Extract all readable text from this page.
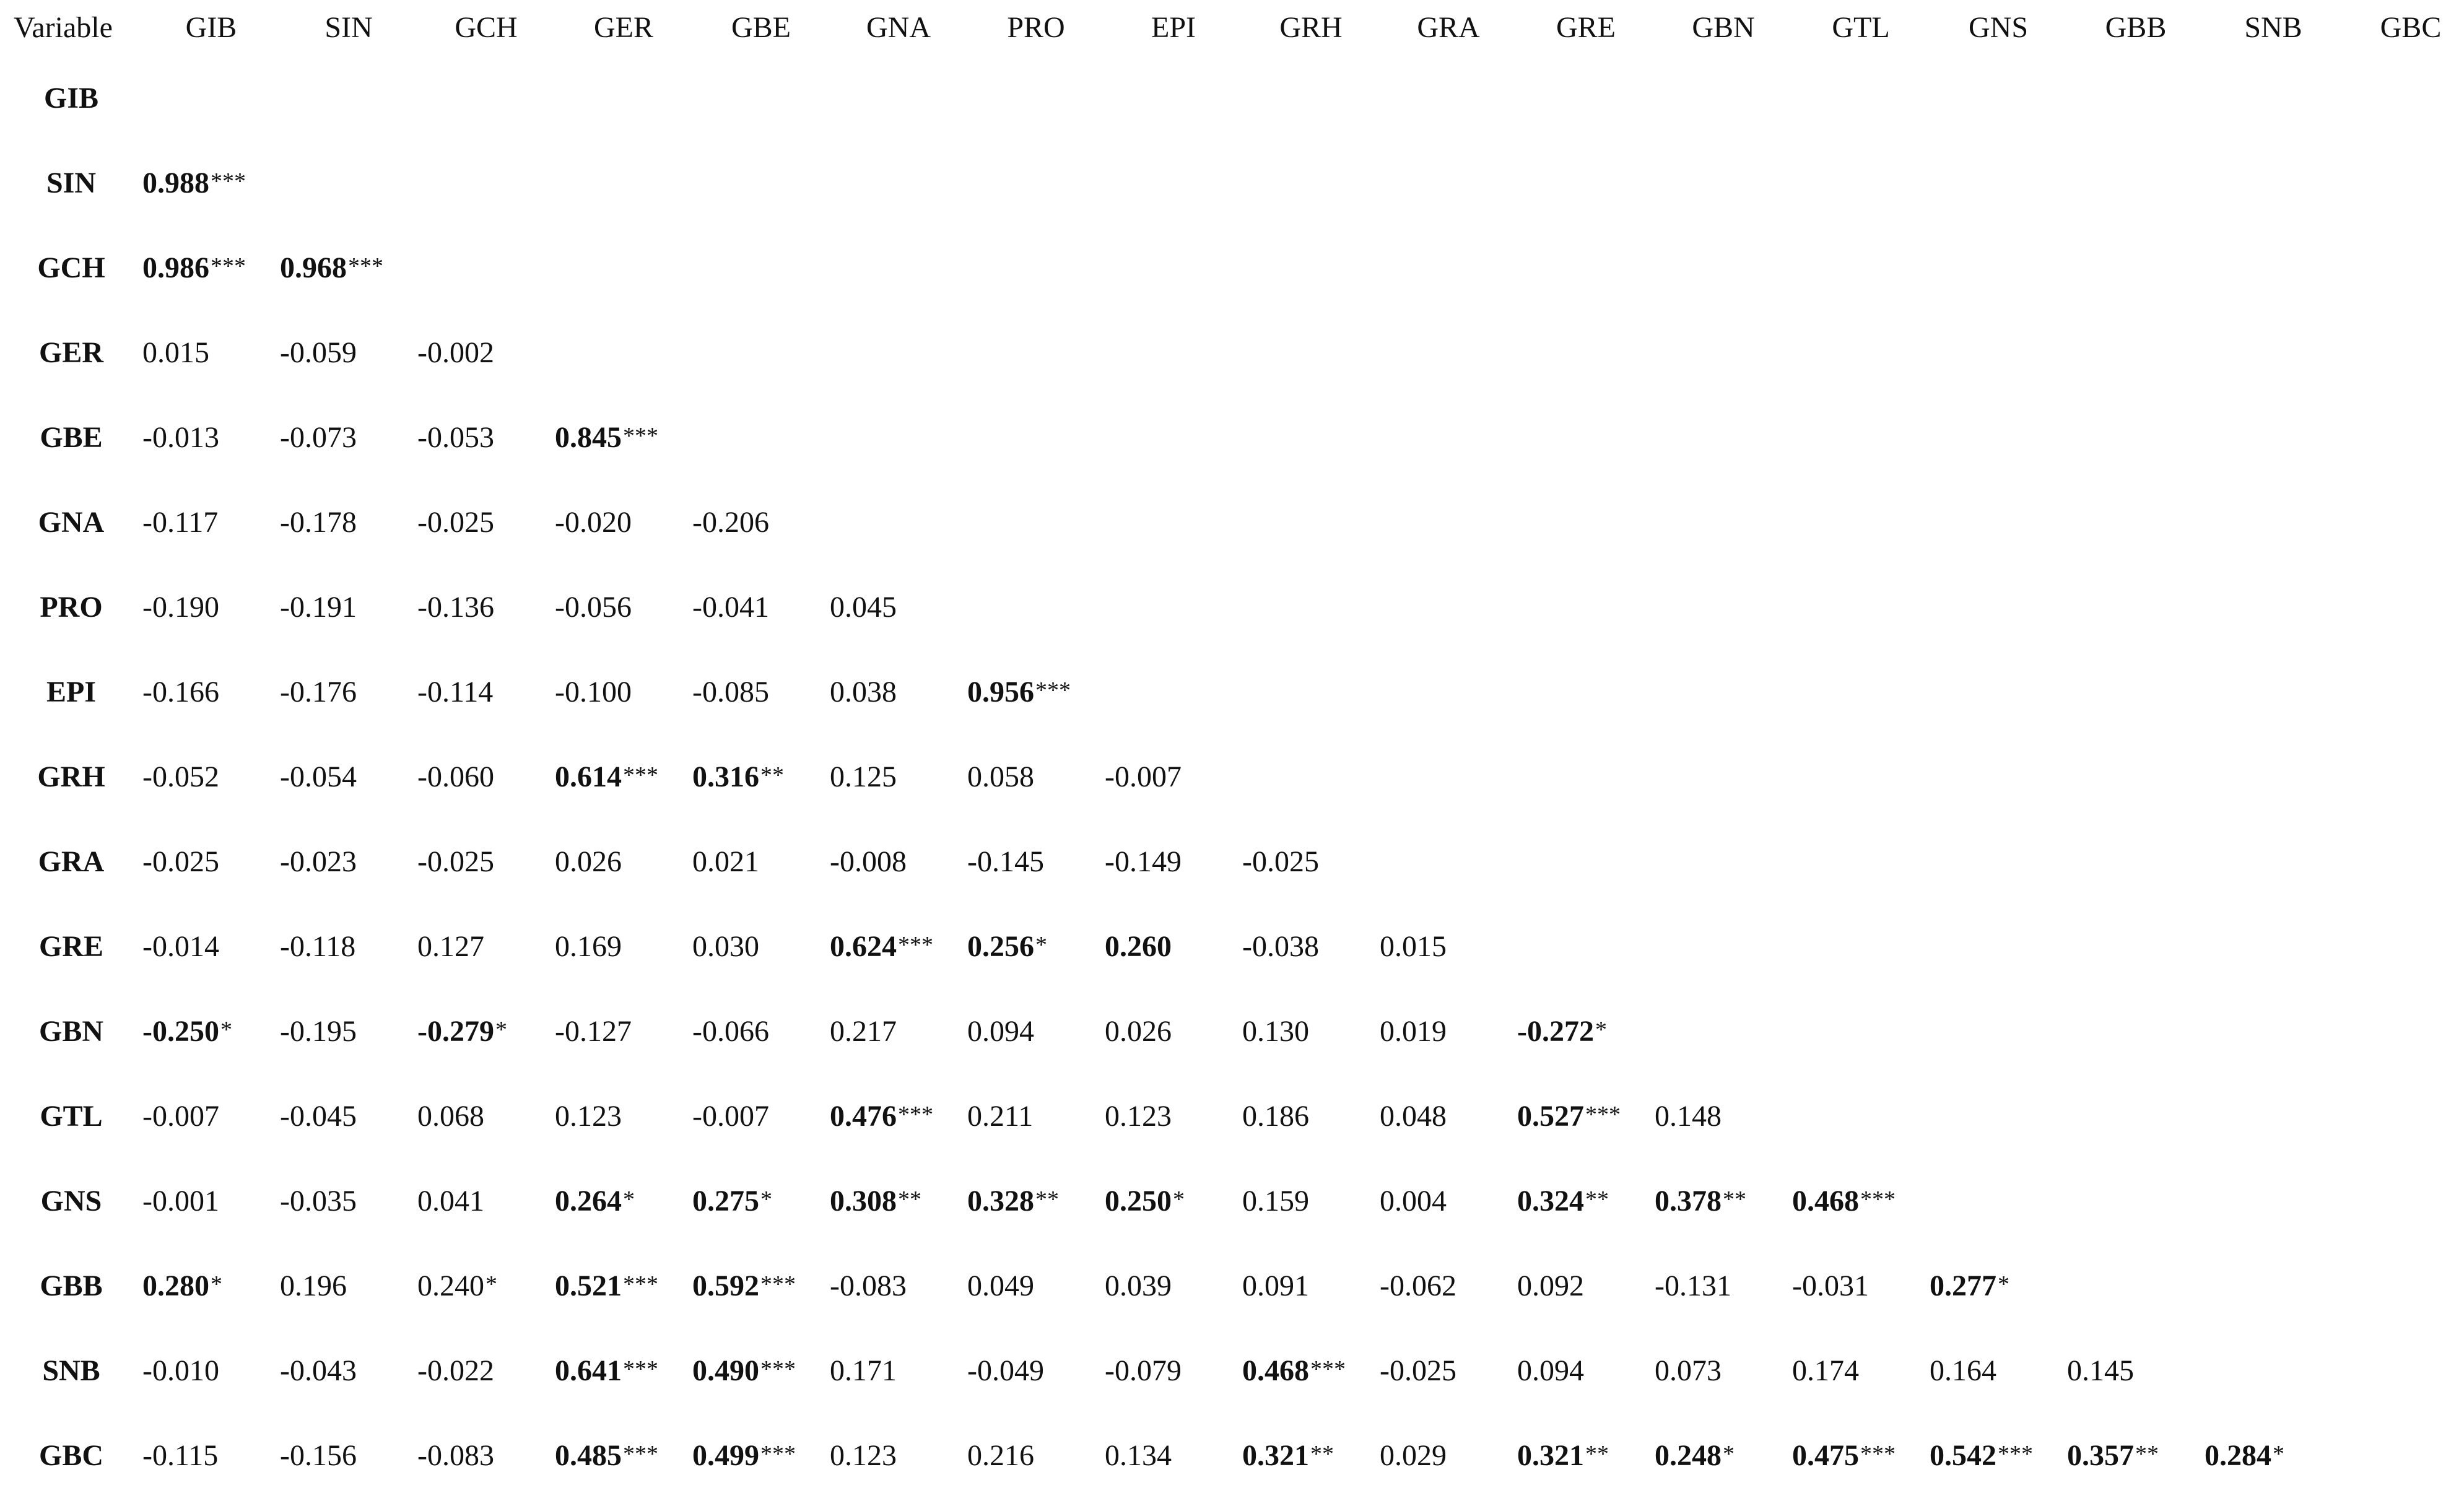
Variable	GIB	SIN	GCH	GER	GBE	GNA	PRO	EPI	GRH	GRA	GRE	GBN	GTL	GNS	GBB	SNB	GBC
GIB																	
SIN	0.988***																
GCH	0.986***	0.968***															
GER	0.015	-0.059	-0.002														
GBE	-0.013	-0.073	-0.053	0.845***													
GNA	-0.117	-0.178	-0.025	-0.020	-0.206												
PRO	-0.190	-0.191	-0.136	-0.056	-0.041	0.045											
EPI	-0.166	-0.176	-0.114	-0.100	-0.085	0.038	0.956***										
GRH	-0.052	-0.054	-0.060	0.614***	0.316**	0.125	0.058	-0.007									
GRA	-0.025	-0.023	-0.025	0.026	0.021	-0.008	-0.145	-0.149	-0.025								
GRE	-0.014	-0.118	0.127	0.169	0.030	0.624***	0.256*	0.260	-0.038	0.015							
GBN	-0.250*	-0.195	-0.279*	-0.127	-0.066	0.217	0.094	0.026	0.130	0.019	-0.272*						
GTL	-0.007	-0.045	0.068	0.123	-0.007	0.476***	0.211	0.123	0.186	0.048	0.527***	0.148					
GNS	-0.001	-0.035	0.041	0.264*	0.275*	0.308**	0.328**	0.250*	0.159	0.004	0.324**	0.378**	0.468***				
GBB	0.280*	0.196	0.240*	0.521***	0.592***	-0.083	0.049	0.039	0.091	-0.062	0.092	-0.131	-0.031	0.277*			
SNB	-0.010	-0.043	-0.022	0.641***	0.490***	0.171	-0.049	-0.079	0.468***	-0.025	0.094	0.073	0.174	0.164	0.145		
GBC	-0.115	-0.156	-0.083	0.485***	0.499***	0.123	0.216	0.134	0.321**	0.029	0.321**	0.248*	0.475***	0.542***	0.357**	0.284*	
